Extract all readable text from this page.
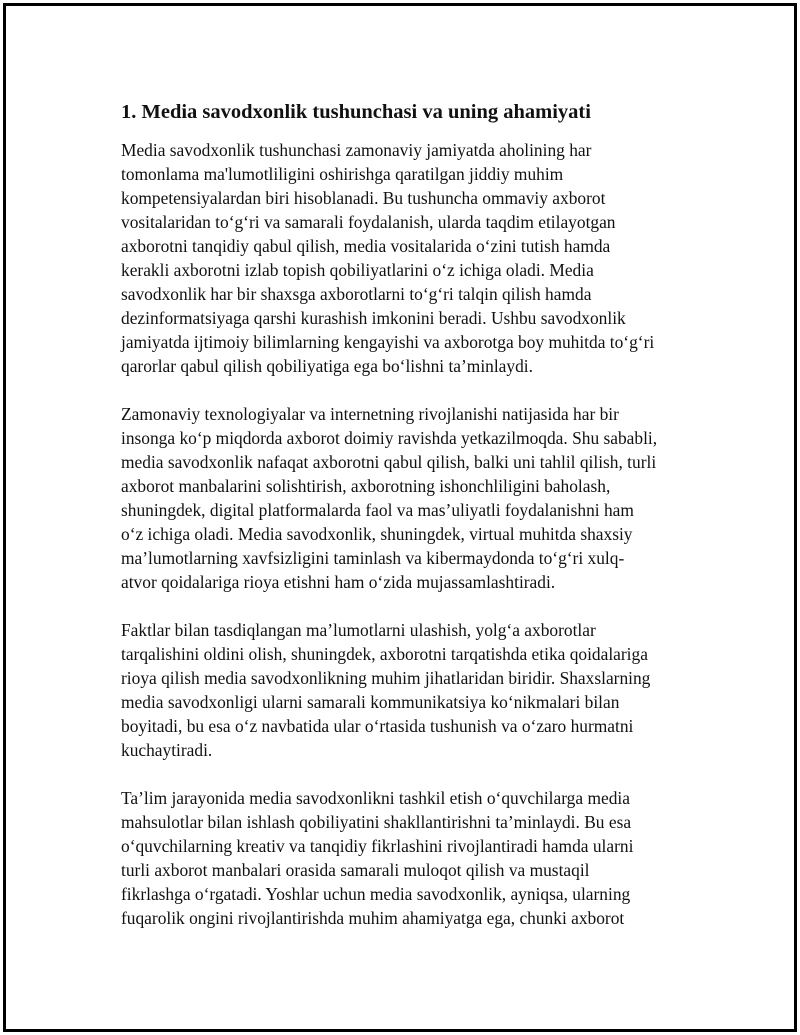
1. Media savodxonlik tushunchasi va uning ahamiyati

Media savodxonlik tushunchasi zamonaviy jamiyatda aholining har
tomonlama ma'lumotliligini oshirishga qaratilgan jiddiy muhim
kompetensiyalardan biri hisoblanadi. Bu tushuncha ommaviy axborot
vositalaridan to‘g‘ri va samarali foydalanish, ularda taqdim etilayotgan
axborotni tanqidiy qabul qilish, media vositalarida o‘zini tutish hamda
kerakli axborotni izlab topish qobiliyatlarini o‘z ichiga oladi. Media
savodxonlik har bir shaxsga axborotlarni to‘g‘ri talqin qilish hamda
dezinformatsiyaga qarshi kurashish imkonini beradi. Ushbu savodxonlik
jamiyatda ijtimoiy bilimlarning kengayishi va axborotga boy muhitda to‘g‘ri
qarorlar qabul qilish qobiliyatiga ega bo‘lishni ta’minlaydi.

Zamonaviy texnologiyalar va internetning rivojlanishi natijasida har bir
insonga ko‘p miqdorda axborot doimiy ravishda yetkazilmoqda. Shu sababli,
media savodxonlik nafaqat axborotni qabul qilish, balki uni tahlil qilish, turli
axborot manbalarini solishtirish, axborotning ishonchliligini baholash,
shuningdek, digital platformalarda faol va mas’uliyatli foydalanishni ham
o‘z ichiga oladi. Media savodxonlik, shuningdek, virtual muhitda shaxsiy
ma’lumotlarning xavfsizligini taminlash va kibermaydonda to‘g‘ri xulq-
atvor qoidalariga rioya etishni ham o‘zida mujassamlashtiradi.

Faktlar bilan tasdiqlangan ma’lumotlarni ulashish, yolg‘a axborotlar
tarqalishini oldini olish, shuningdek, axborotni tarqatishda etika qoidalariga
rioya qilish media savodxonlikning muhim jihatlaridan biridir. Shaxslarning
media savodxonligi ularni samarali kommunikatsiya ko‘nikmalari bilan
boyitadi, bu esa o‘z navbatida ular o‘rtasida tushunish va o‘zaro hurmatni
kuchaytiradi.

Ta’lim jarayonida media savodxonlikni tashkil etish o‘quvchilarga media
mahsulotlar bilan ishlash qobiliyatini shakllantirishni ta’minlaydi. Bu esa
o‘quvchilarning kreativ va tanqidiy fikrlashini rivojlantiradi hamda ularni
turli axborot manbalari orasida samarali muloqot qilish va mustaqil
fikrlashga o‘rgatadi. Yoshlar uchun media savodxonlik, ayniqsa, ularning
fuqarolik ongini rivojlantirishda muhim ahamiyatga ega, chunki axborot
